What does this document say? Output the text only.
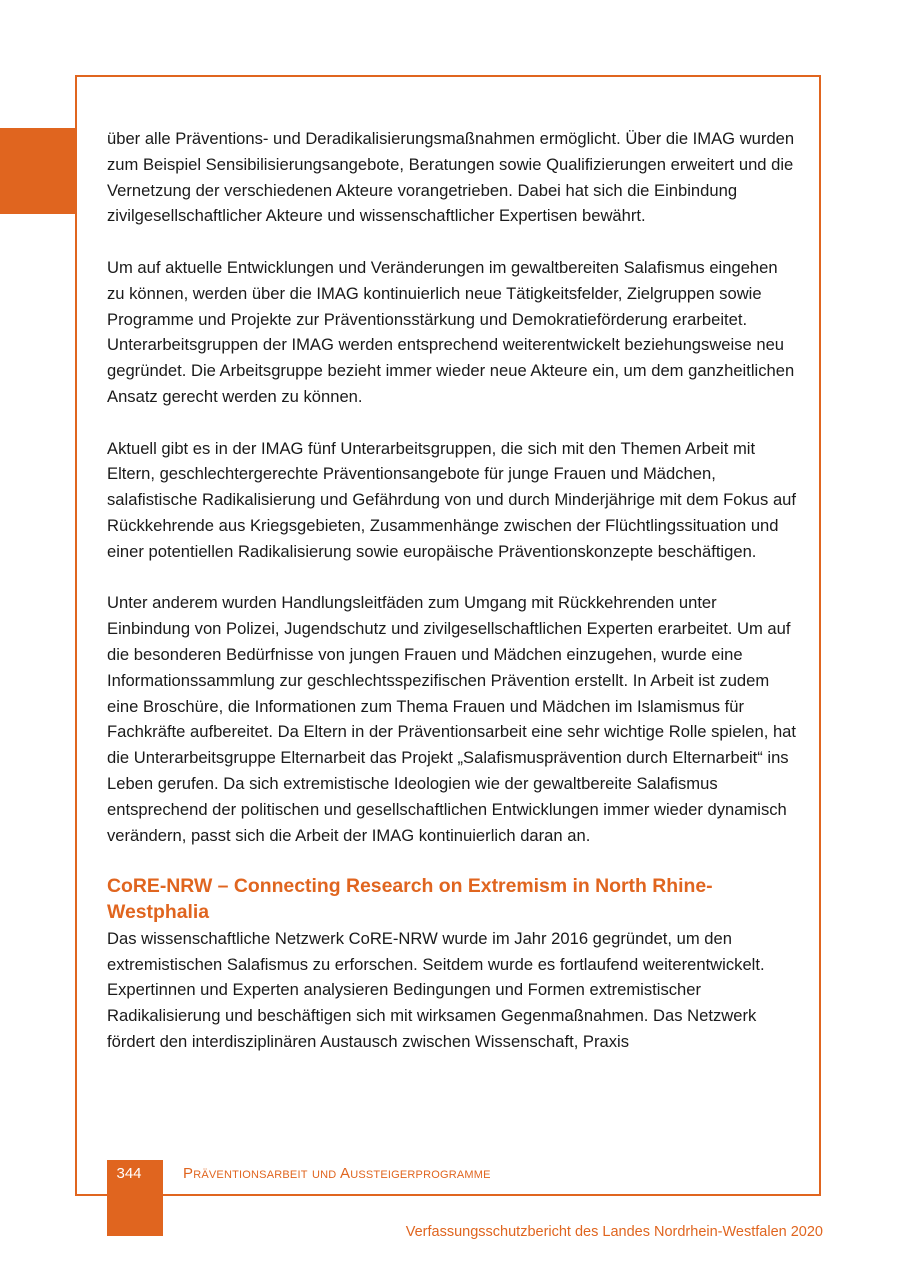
über alle Präventions- und Deradikalisierungsmaßnahmen ermöglicht. Über die IMAG wurden zum Beispiel Sensibilisierungsangebote, Beratungen sowie Qualifizierungen erweitert und die Vernetzung der verschiedenen Akteure vorangetrieben. Dabei hat sich die Einbindung zivilgesellschaftlicher Akteure und wissenschaftlicher Expertisen bewährt.

Um auf aktuelle Entwicklungen und Veränderungen im gewaltbereiten Salafismus eingehen zu können, werden über die IMAG kontinuierlich neue Tätigkeitsfelder, Zielgruppen sowie Programme und Projekte zur Präventionsstärkung und Demokratieförderung erarbeitet. Unterarbeitsgruppen der IMAG werden entsprechend weiterentwickelt beziehungsweise neu gegründet. Die Arbeitsgruppe bezieht immer wieder neue Akteure ein, um dem ganzheitlichen Ansatz gerecht werden zu können.

Aktuell gibt es in der IMAG fünf Unterarbeitsgruppen, die sich mit den Themen Arbeit mit Eltern, geschlechtergerechte Präventionsangebote für junge Frauen und Mädchen, salafistische Radikalisierung und Gefährdung von und durch Minderjährige mit dem Fokus auf Rückkehrende aus Kriegsgebieten, Zusammenhänge zwischen der Flüchtlingssituation und einer potentiellen Radikalisierung sowie europäische Präventionskonzepte beschäftigen.

Unter anderem wurden Handlungsleitfäden zum Umgang mit Rückkehrenden unter Einbindung von Polizei, Jugendschutz und zivilgesellschaftlichen Experten erarbeitet. Um auf die besonderen Bedürfnisse von jungen Frauen und Mädchen einzugehen, wurde eine Informationssammlung zur geschlechtsspezifischen Prävention erstellt. In Arbeit ist zudem eine Broschüre, die Informationen zum Thema Frauen und Mädchen im Islamismus für Fachkräfte aufbereitet. Da Eltern in der Präventionsarbeit eine sehr wichtige Rolle spielen, hat die Unterarbeitsgruppe Elternarbeit das Projekt „Salafismusprävention durch Elternarbeit“ ins Leben gerufen. Da sich extremistische Ideologien wie der gewaltbereite Salafismus entsprechend der politischen und gesellschaftlichen Entwicklungen immer wieder dynamisch verändern, passt sich die Arbeit der IMAG kontinuierlich daran an.

CoRE-NRW – Connecting Research on Extremism in North Rhine-Westphalia

Das wissenschaftliche Netzwerk CoRE-NRW wurde im Jahr 2016 gegründet, um den extremistischen Salafismus zu erforschen. Seitdem wurde es fortlaufend weiterentwickelt. Expertinnen und Experten analysieren Bedingungen und Formen extremistischer Radikalisierung und beschäftigen sich mit wirksamen Gegenmaßnahmen. Das Netzwerk fördert den interdisziplinären Austausch zwischen Wissenschaft, Praxis

344	Präventionsarbeit und Aussteigerprogramme
Verfassungsschutzbericht des Landes Nordrhein-Westfalen 2020
